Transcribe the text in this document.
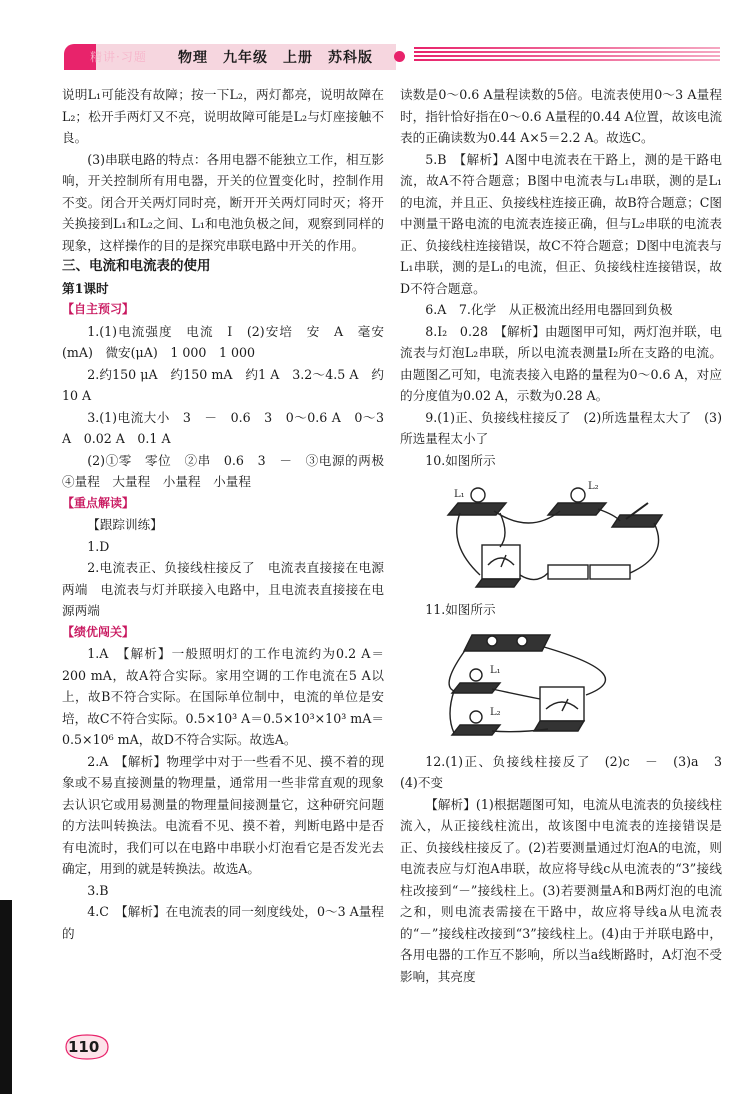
精讲·习题 物理　九年级　上册　苏科版

说明L₁可能没有故障；按一下L₂，两灯都亮，说明故障在L₂；松开手两灯又不亮，说明故障可能是L₂与灯座接触不良。

(3)串联电路的特点：各用电器不能独立工作，相互影响，开关控制所有用电器，开关的位置变化时，控制作用不变。闭合开关两灯同时亮，断开开关两灯同时灭；将开关换接到L₁和L₂之间、L₁和电池负极之间，观察到同样的现象，这样操作的目的是探究串联电路中开关的作用。

三、电流和电流表的使用

第1课时

【自主预习】

1.(1)电流强度　电流　I　(2)安培　安　A　毫安(mA)　微安(μA)　1 000　1 000

2.约150 μA　约150 mA　约1 A　3.2～4.5 A　约10 A

3.(1)电流大小　3　－　0.6　3　0～0.6 A　0～3 A　0.02 A　0.1 A

(2)①零　零位　②串　0.6　3　－　③电源的两极　④量程　大量程　小量程　小量程

【重点解读】

【跟踪训练】

1.D

2.电流表正、负接线柱接反了　电流表直接接在电源两端　电流表与灯并联接入电路中，且电流表直接接在电源两端

【绩优闯关】

1.A　【解析】一般照明灯的工作电流约为0.2 A＝200 mA，故A符合实际。家用空调的工作电流在5 A以上，故B不符合实际。在国际单位制中，电流的单位是安培，故C不符合实际。0.5×10³ A＝0.5×10³×10³ mA＝0.5×10⁶ mA，故D不符合实际。故选A。

2.A　【解析】物理学中对于一些看不见、摸不着的现象或不易直接测量的物理量，通常用一些非常直观的现象去认识它或用易测量的物理量间接测量它，这种研究问题的方法叫转换法。电流看不见、摸不着，判断电路中是否有电流时，我们可以在电路中串联小灯泡看它是否发光去确定，用到的就是转换法。故选A。

3.B

4.C　【解析】在电流表的同一刻度线处，0～3 A量程的

读数是0～0.6 A量程读数的5倍。电流表使用0～3 A量程时，指针恰好指在0～0.6 A量程的0.44 A位置，故该电流表的正确读数为0.44 A×5＝2.2 A。故选C。

5.B　【解析】A图中电流表在干路上，测的是干路电流，故A不符合题意；B图中电流表与L₁串联，测的是L₁的电流，并且正、负接线柱连接正确，故B符合题意；C图中测量干路电流的电流表连接正确，但与L₂串联的电流表正、负接线柱连接错误，故C不符合题意；D图中电流表与L₁串联，测的是L₁的电流，但正、负接线柱连接错误，故D不符合题意。

6.A　7.化学　从正极流出经用电器回到负极

8.I₂　0.28　【解析】由题图甲可知，两灯泡并联，电流表与灯泡L₂串联，所以电流表测量I₂所在支路的电流。由题图乙可知，电流表接入电路的量程为0～0.6 A，对应的分度值为0.02 A，示数为0.28 A。

9.(1)正、负接线柱接反了　(2)所选量程太大了　(3)所选量程太小了

10.如图所示

L₁
L₂

11.如图所示

L₁
L₂

12.(1)正、负接线柱接反了　(2)c　－　(3)a　3　(4)不变

【解析】(1)根据题图可知，电流从电流表的负接线柱流入，从正接线柱流出，故该图中电流表的连接错误是正、负接线柱接反了。(2)若要测量通过灯泡A的电流，则电流表应与灯泡A串联，故应将导线c从电流表的“3”接线柱改接到“－”接线柱上。(3)若要测量A和B两灯泡的电流之和，则电流表需接在干路中，故应将导线a从电流表的“－”接线柱改接到“3”接线柱上。(4)由于并联电路中，各用电器的工作互不影响，所以当a线断路时，A灯泡不受影响，其亮度

110
